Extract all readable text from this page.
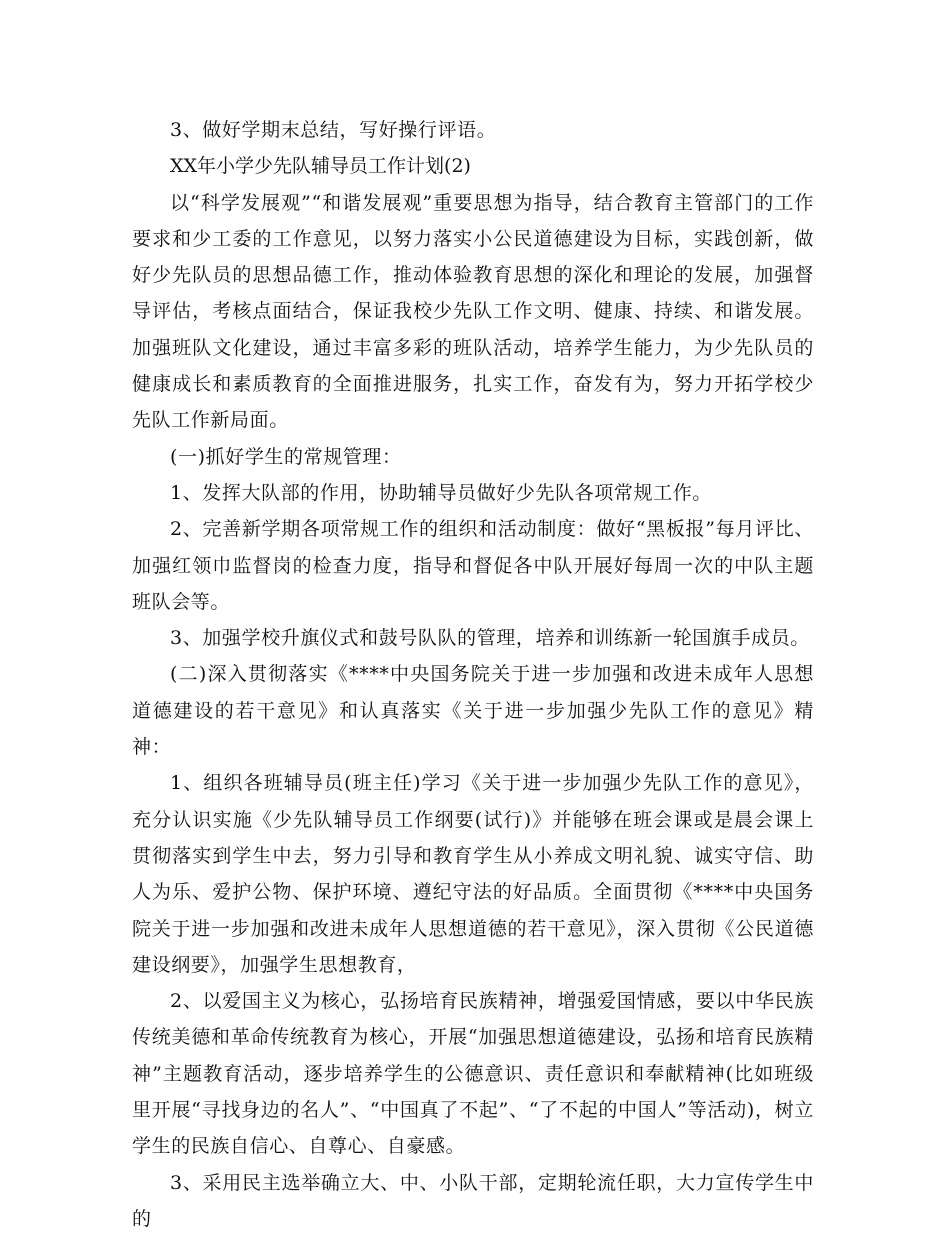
3、做好学期末总结，写好操行评语。

XX年小学少先队辅导员工作计划(2)

以“科学发展观”“和谐发展观”重要思想为指导，结合教育主管部门的工作要求和少工委的工作意见，以努力落实小公民道德建设为目标，实践创新，做好少先队员的思想品德工作，推动体验教育思想的深化和理论的发展，加强督导评估，考核点面结合，保证我校少先队工作文明、健康、持续、和谐发展。加强班队文化建设，通过丰富多彩的班队活动，培养学生能力，为少先队员的健康成长和素质教育的全面推进服务，扎实工作，奋发有为，努力开拓学校少先队工作新局面。

(一)抓好学生的常规管理：

1、发挥大队部的作用，协助辅导员做好少先队各项常规工作。

2、完善新学期各项常规工作的组织和活动制度：做好“黑板报”每月评比、加强红领巾监督岗的检查力度，指导和督促各中队开展好每周一次的中队主题班队会等。

3、加强学校升旗仪式和鼓号队队的管理，培养和训练新一轮国旗手成员。

(二)深入贯彻落实《****中央国务院关于进一步加强和改进未成年人思想道德建设的若干意见》和认真落实《关于进一步加强少先队工作的意见》精神：

1、组织各班辅导员(班主任)学习《关于进一步加强少先队工作的意见》，充分认识实施《少先队辅导员工作纲要(试行)》并能够在班会课或是晨会课上贯彻落实到学生中去，努力引导和教育学生从小养成文明礼貌、诚实守信、助人为乐、爱护公物、保护环境、遵纪守法的好品质。全面贯彻《****中央国务院关于进一步加强和改进未成年人思想道德的若干意见》，深入贯彻《公民道德建设纲要》，加强学生思想教育，

2、以爱国主义为核心，弘扬培育民族精神，增强爱国情感，要以中华民族传统美德和革命传统教育为核心，开展“加强思想道德建设，弘扬和培育民族精神”主题教育活动，逐步培养学生的公德意识、责任意识和奉献精神(比如班级里开展“寻找身边的名人”、“中国真了不起”、“了不起的中国人”等活动)，树立学生的民族自信心、自尊心、自豪感。

3、采用民主选举确立大、中、小队干部，定期轮流任职，大力宣传学生中的
